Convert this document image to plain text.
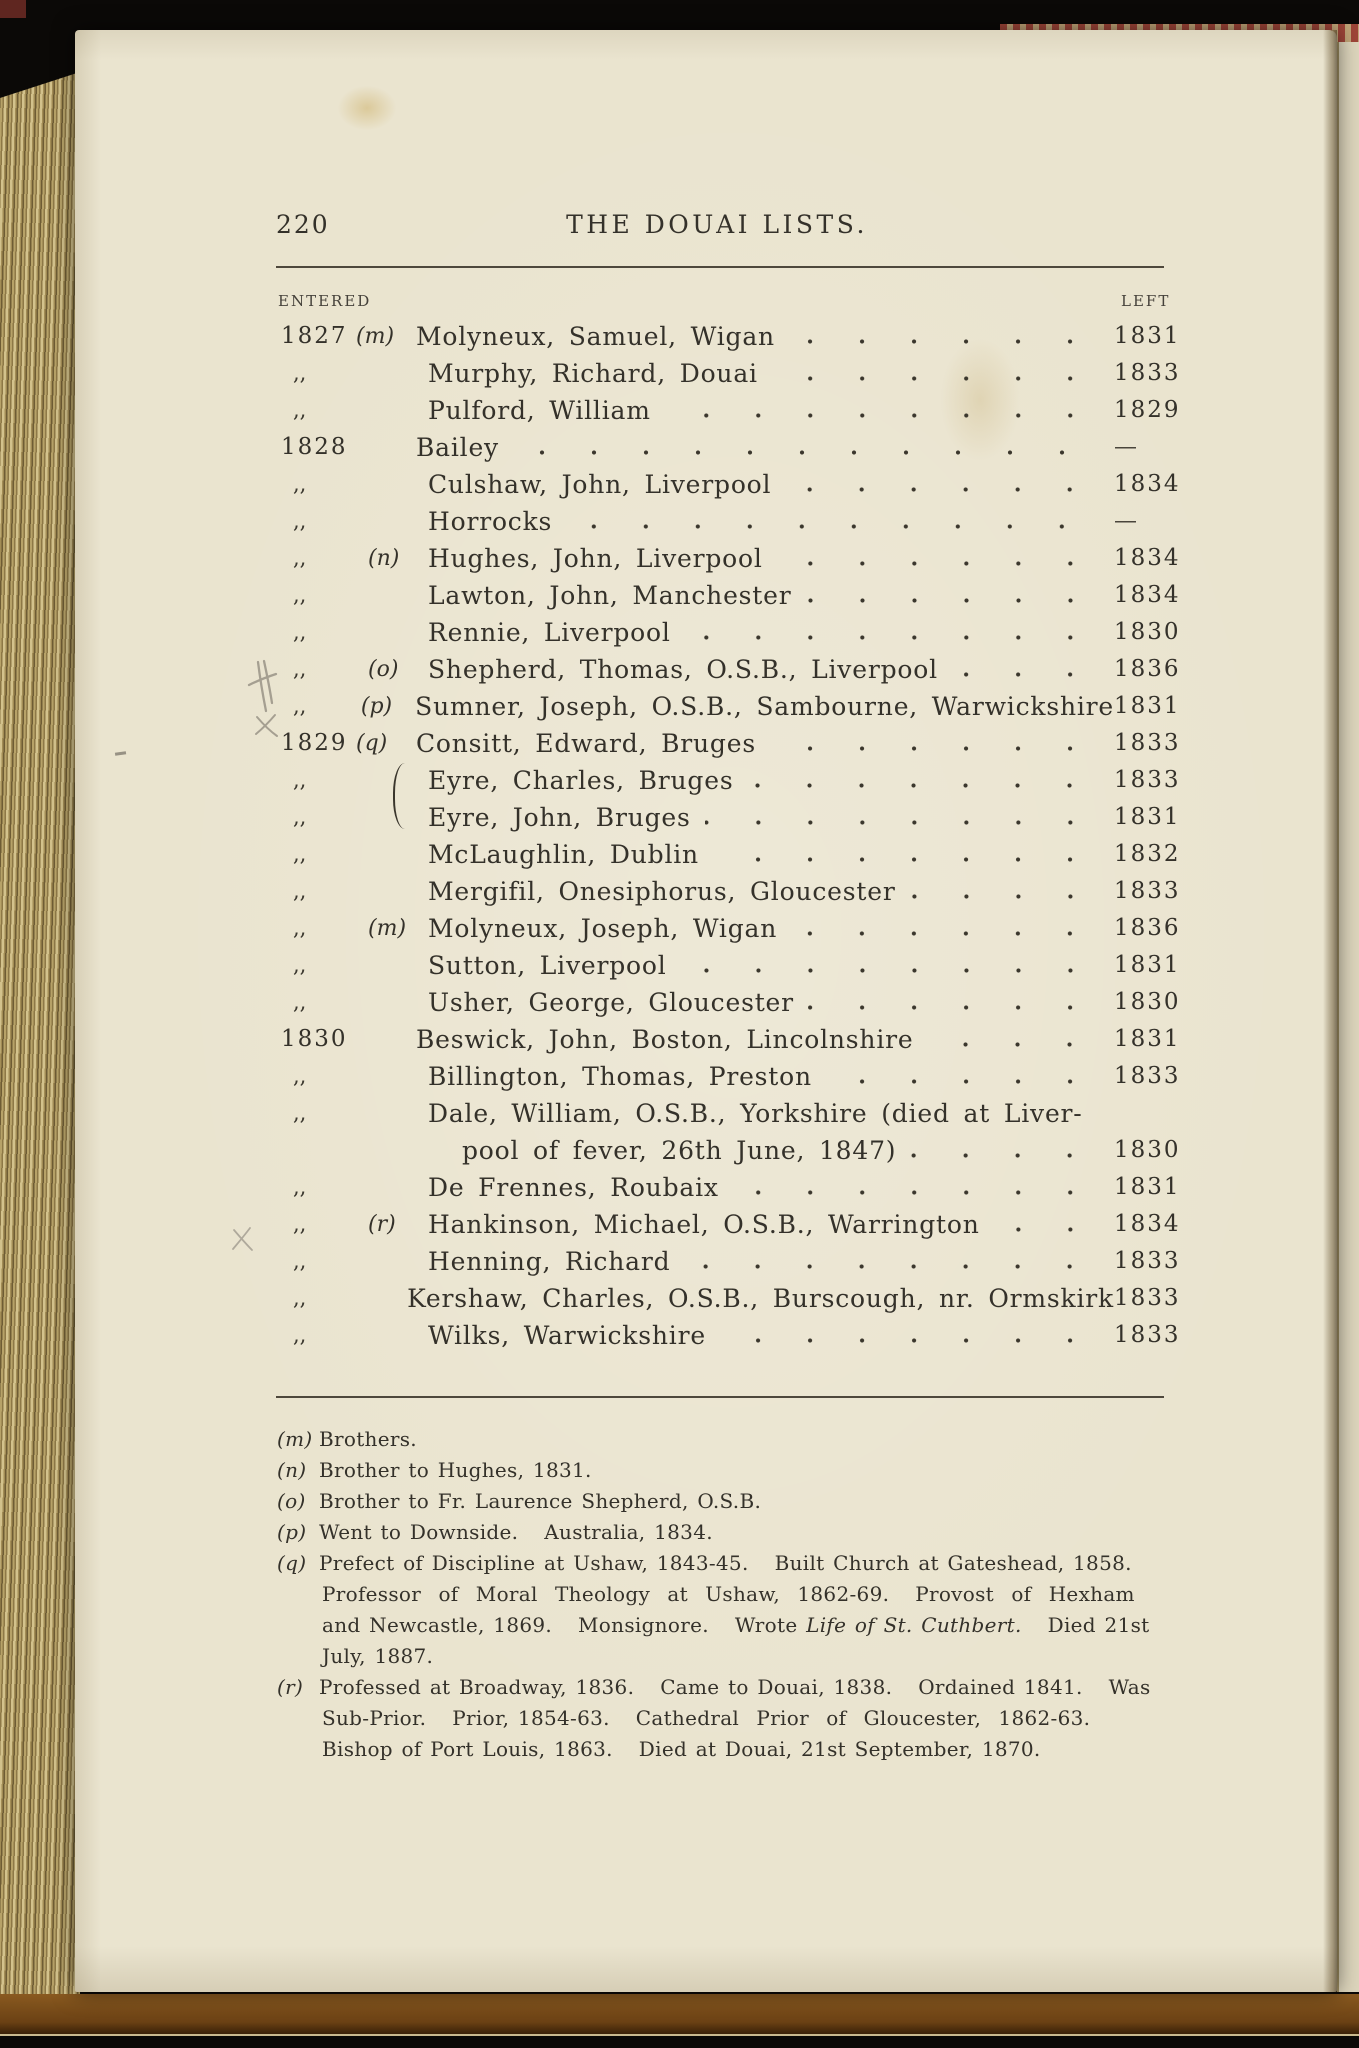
220	THE DOUAI LISTS.
ENTERED	LEFT
1827 (m) Molyneux, Samuel, Wigan	1831
,,	Murphy, Richard, Douai	1833
,,	Pulford, William	1829
1828	Bailey	—
,,	Culshaw, John, Liverpool	1834
,,	Horrocks	—
,,	(n)	Hughes, John, Liverpool	1834
,,	Lawton, John, Manchester	1834
,,	Rennie, Liverpool	1830
,,	(o)	Shepherd, Thomas, O.S.B., Liverpool	1836
,,	(p) Sumner, Joseph, O.S.B., Sambourne, Warwickshire 1831
1829 (q)	Consitt, Edward, Bruges	1833
,,	Eyre, Charles, Bruges	1833
,,	Eyre, John, Bruges	1831
,,	McLaughlin, Dublin	1832
,,	Mergifil, Onesiphorus, Gloucester	1833
,,	(m) Molyneux, Joseph, Wigan	1836
,,	Sutton, Liverpool	1831
,,	Usher, George, Gloucester	1830
1830	Beswick, John, Boston, Lincolnshire	1831
,,	Billington, Thomas, Preston	1833
,,	Dale, William, O.S.B., Yorkshire (died at Liver-
pool of fever, 26th June, 1847)	1830
,,	De Frennes, Roubaix	1831
,,	(r)	Hankinson, Michael, O.S.B., Warrington	1834
,,	Henning, Richard	1833
,,	Kershaw, Charles, O.S.B., Burscough, nr. Ormskirk 1833
,,	Wilks, Warwickshire	1833
(m) Brothers.
(n) Brother to Hughes, 1831.
(o) Brother to Fr. Laurence Shepherd, O.S.B.
(p) Went to Downside.   Australia, 1834.
(q) Prefect of Discipline at Ushaw, 1843-45.   Built Church at Gateshead, 1858.
Professor  of  Moral  Theology  at  Ushaw,  1862-69.   Provost  of  Hexham
and Newcastle, 1869.   Monsignore.   Wrote Life of St. Cuthbert.   Died 21st
July, 1887.
(r) Professed at Broadway, 1836.   Came to Douai, 1838.   Ordained 1841.   Was
Sub-Prior.   Prior, 1854-63.   Cathedral  Prior  of  Gloucester,  1862-63.
Bishop of Port Louis, 1863.   Died at Douai, 21st September, 1870.
